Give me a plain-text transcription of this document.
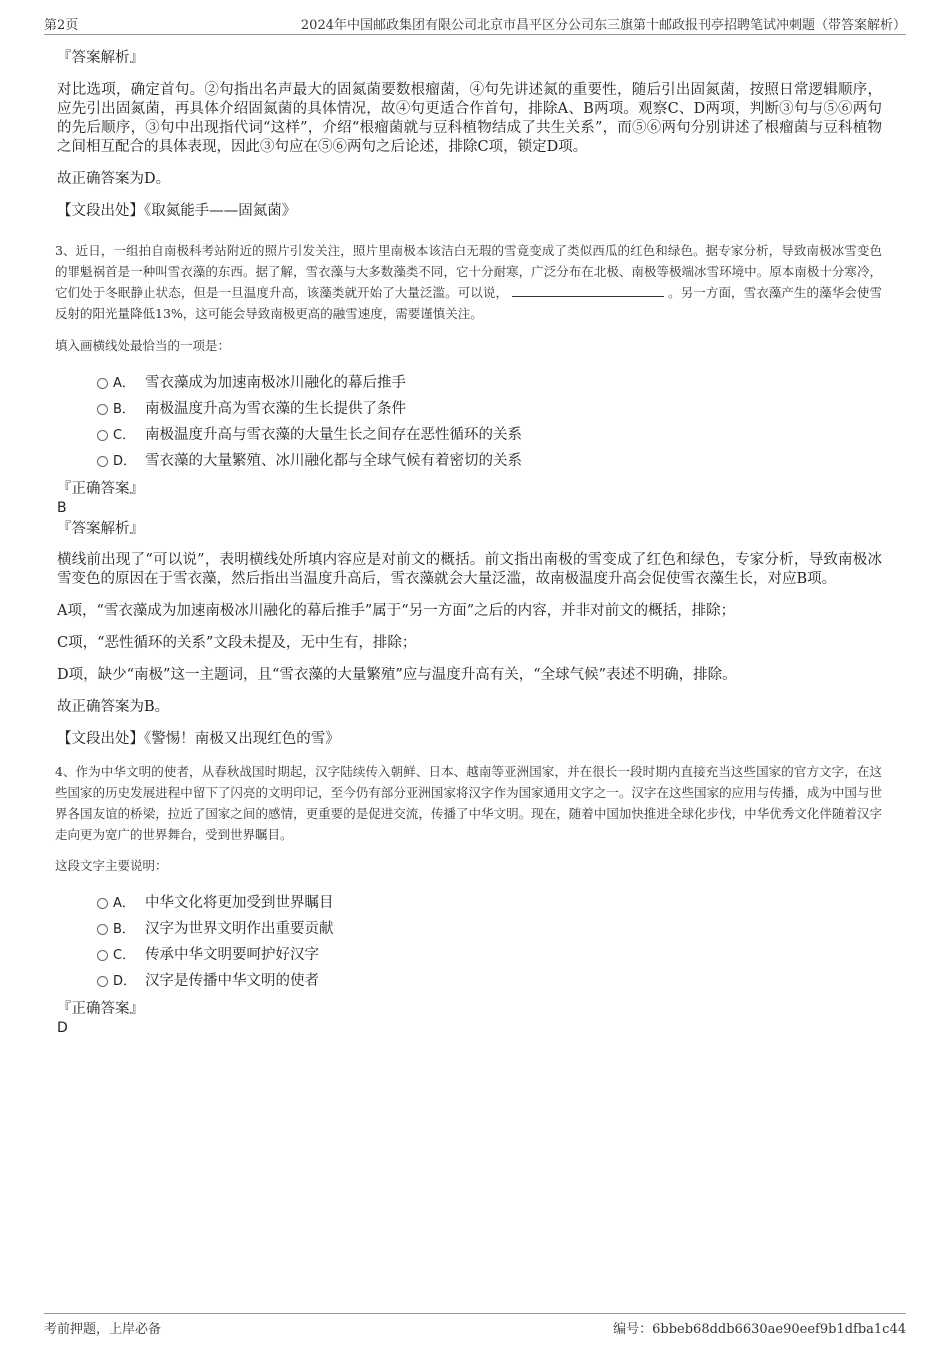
第2页	2024年中国邮政集团有限公司北京市昌平区分公司东三旗第十邮政报刊亭招聘笔试冲刺题（带答案解析）
『答案解析』

对比选项，确定首句。②句指出名声最大的固氮菌要数根瘤菌，④句先讲述氮的重要性，随后引出固氮菌，按照日常逻辑顺序，应先引出固氮菌，再具体介绍固氮菌的具体情况，故④句更适合作首句，排除A、B两项。观察C、D两项，判断③句与⑤⑥两句的先后顺序，③句中出现指代词“这样”，介绍“根瘤菌就与豆科植物结成了共生关系”，而⑤⑥两句分别讲述了根瘤菌与豆科植物之间相互配合的具体表现，因此③句应在⑤⑥两句之后论述，排除C项，锁定D项。

故正确答案为D。

【文段出处】《取氮能手——固氮菌》

3、近日，一组拍自南极科考站附近的照片引发关注，照片里南极本该洁白无瑕的雪竟变成了类似西瓜的红色和绿色。据专家分析，导致南极冰雪变色的罪魁祸首是一种叫雪衣藻的东西。据了解，雪衣藻与大多数藻类不同，它十分耐寒，广泛分布在北极、南极等极端冰雪环境中。原本南极十分寒冷，它们处于冬眠静止状态，但是一旦温度升高，该藻类就开始了大量泛滥。可以说，	。另一方面，雪衣藻产生的藻华会使雪反射的阳光量降低13%，这可能会导致南极更高的融雪速度，需要谨慎关注。

填入画横线处最恰当的一项是：

A． 雪衣藻成为加速南极冰川融化的幕后推手
B． 南极温度升高为雪衣藻的生长提供了条件
C． 南极温度升高与雪衣藻的大量生长之间存在恶性循环的关系
D． 雪衣藻的大量繁殖、冰川融化都与全球气候有着密切的关系
『正确答案』
B
『答案解析』

横线前出现了“可以说”，表明横线处所填内容应是对前文的概括。前文指出南极的雪变成了红色和绿色，专家分析，导致南极冰雪变色的原因在于雪衣藻，然后指出当温度升高后，雪衣藻就会大量泛滥，故南极温度升高会促使雪衣藻生长，对应B项。

A项，“雪衣藻成为加速南极冰川融化的幕后推手”属于“另一方面”之后的内容，并非对前文的概括，排除；

C项，“恶性循环的关系”文段未提及，无中生有，排除；

D项，缺少“南极”这一主题词，且“雪衣藻的大量繁殖”应与温度升高有关，“全球气候”表述不明确，排除。

故正确答案为B。

【文段出处】《警惕！南极又出现红色的雪》

4、作为中华文明的使者，从春秋战国时期起，汉字陆续传入朝鲜、日本、越南等亚洲国家，并在很长一段时期内直接充当这些国家的官方文字，在这些国家的历史发展进程中留下了闪亮的文明印记，至今仍有部分亚洲国家将汉字作为国家通用文字之一。汉字在这些国家的应用与传播，成为中国与世界各国友谊的桥梁，拉近了国家之间的感情，更重要的是促进交流，传播了中华文明。现在，随着中国加快推进全球化步伐，中华优秀文化伴随着汉字走向更为宽广的世界舞台，受到世界瞩目。

这段文字主要说明：

A． 中华文化将更加受到世界瞩目
B． 汉字为世界文明作出重要贡献
C． 传承中华文明要呵护好汉字
D． 汉字是传播中华文明的使者
『正确答案』
D
考前押题，上岸必备	编号：6bbeb68ddb6630ae90eef9b1dfba1c44
